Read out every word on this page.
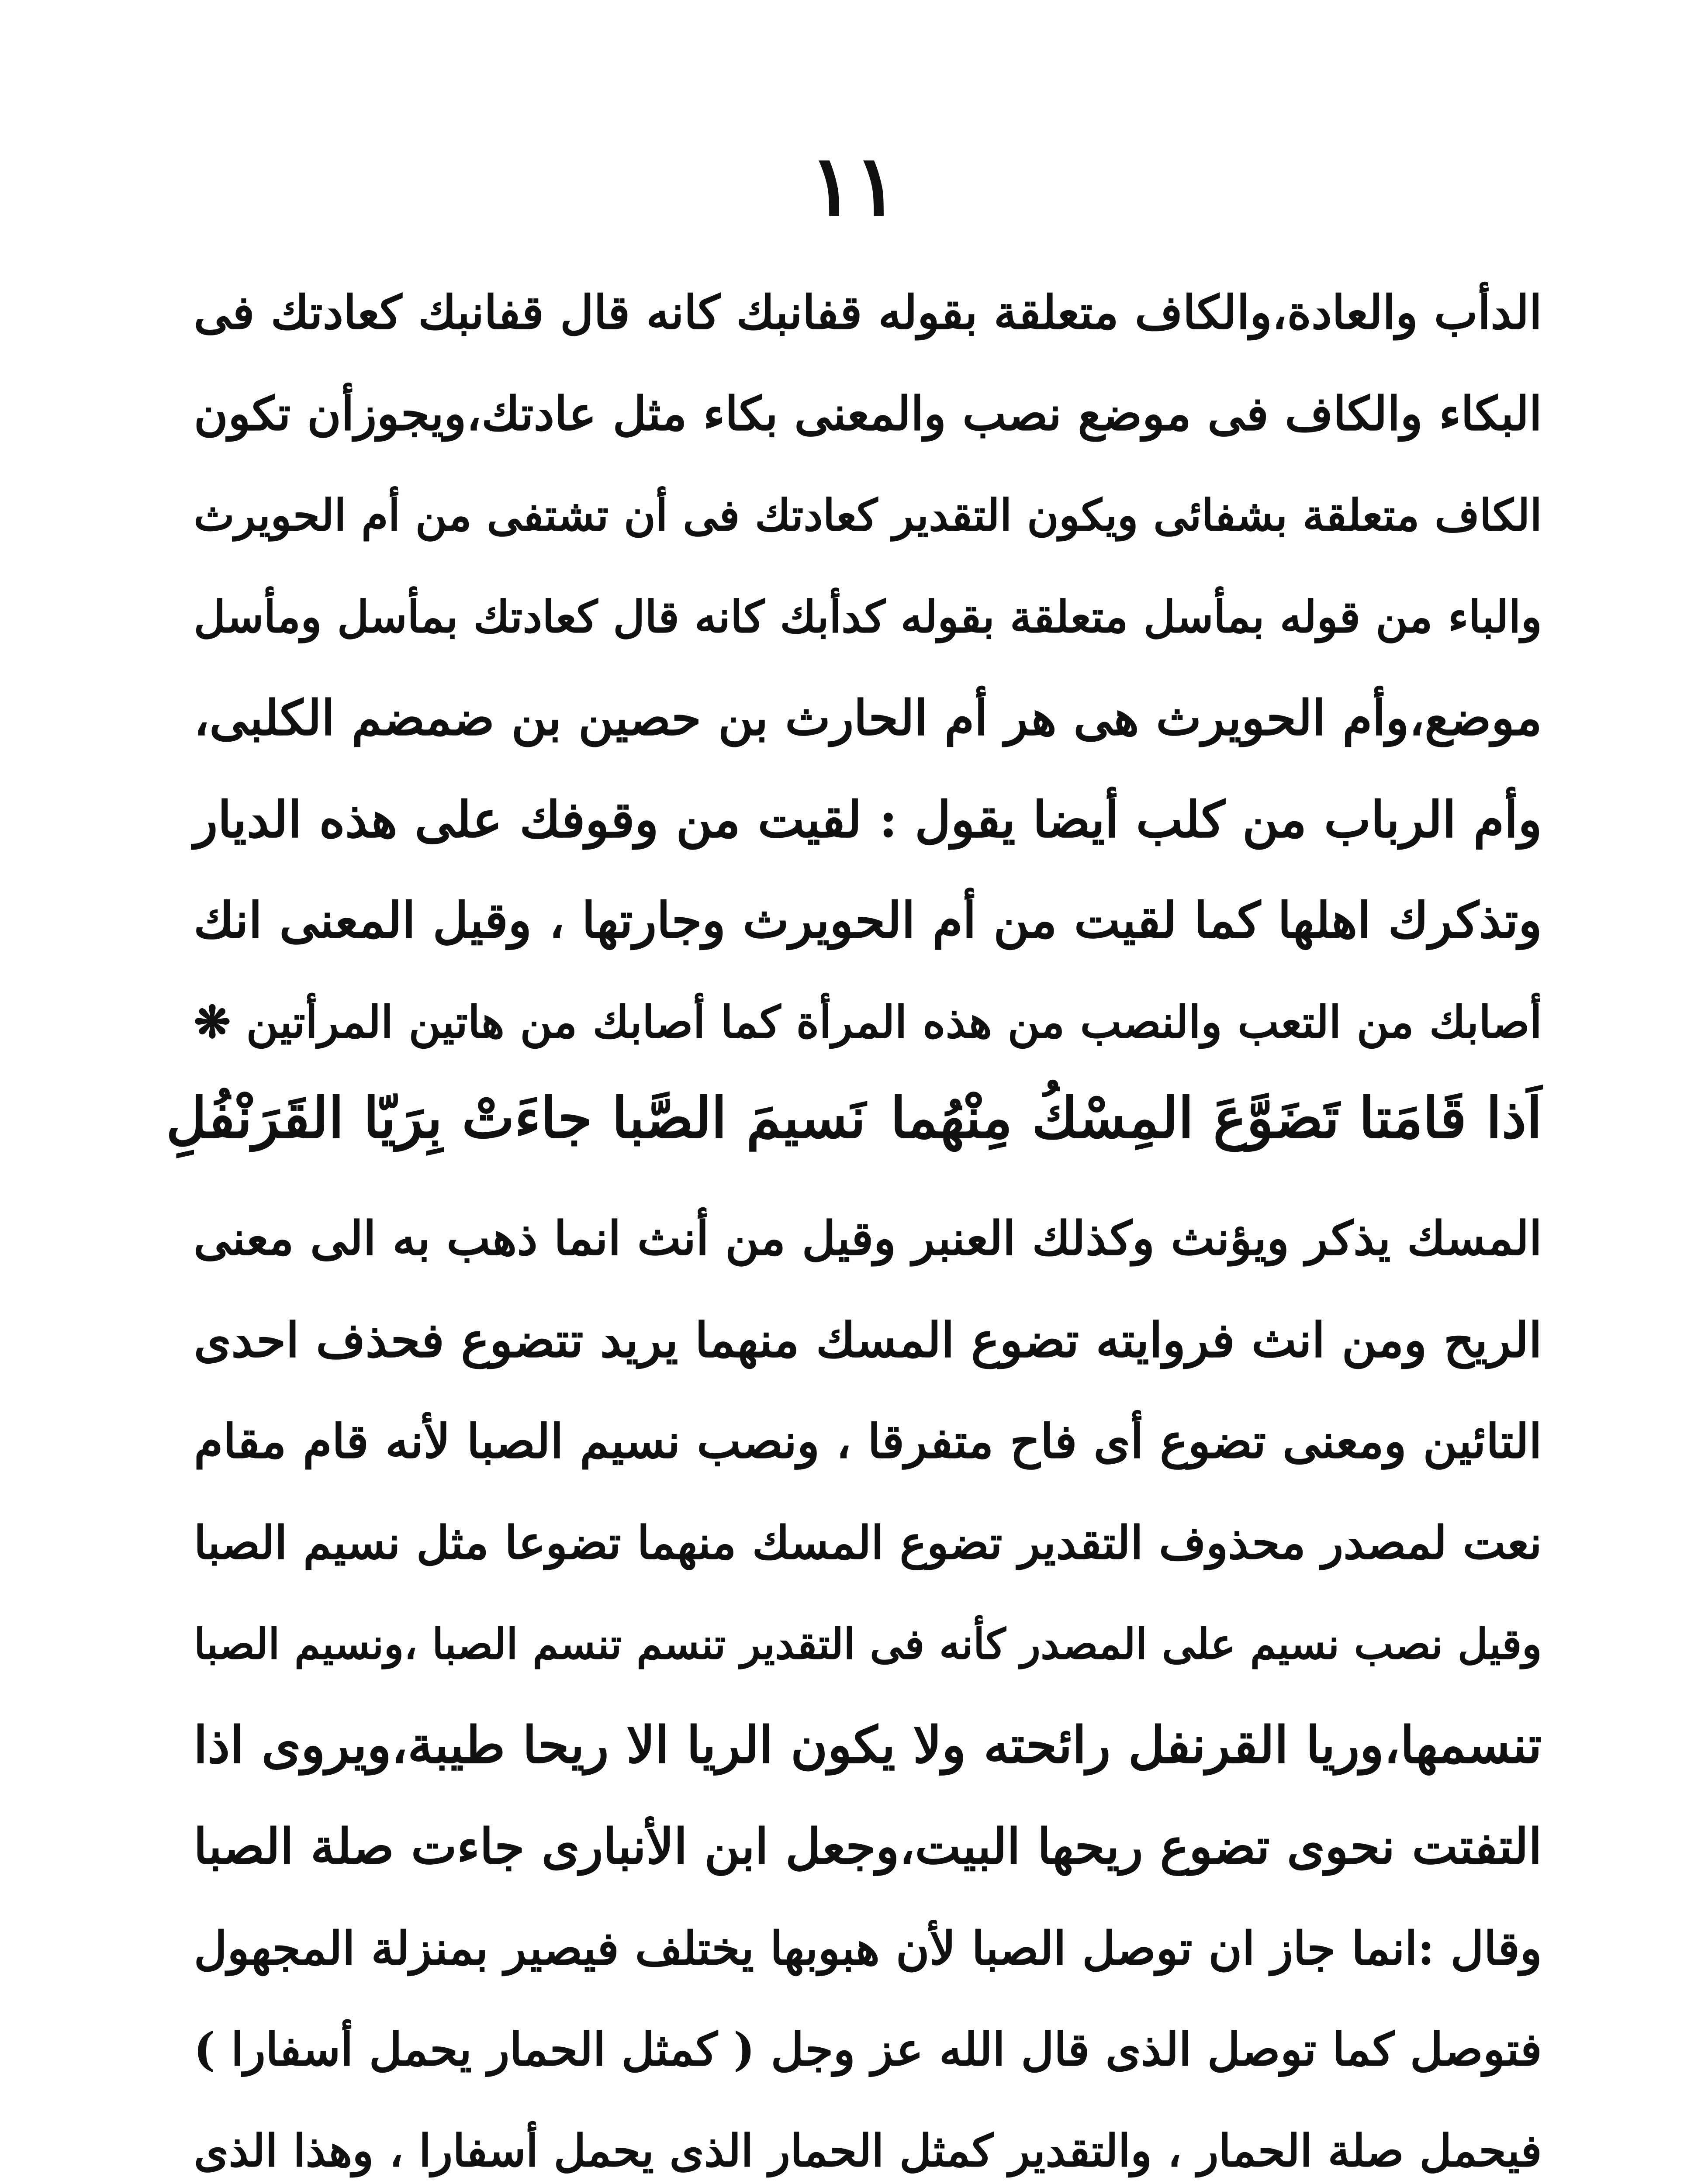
١١
الدأب والعادة،والكاف متعلقة بقوله قفانبك كانه قال قفانبك كعادتك فى
البكاء والكاف فى موضع نصب والمعنى بكاء مثل عادتك،ويجوزأن تكون
الكاف متعلقة بشفائى ويكون التقدير كعادتك فى أن تشتفى من أم الحويرث
والباء من قوله بمأسل متعلقة بقوله كدأبك كانه قال كعادتك بمأسل ومأسل
موضع،وأم الحويرث هى هر أم الحارث بن حصين بن ضمضم الكلبى،
وأم الرباب من كلب أيضا يقول : لقيت من وقوفك على هذه الديار
وتذكرك اهلها كما لقيت من أم الحويرث وجارتها ، وقيل المعنى انك
أصابك من التعب والنصب من هذه المرأة كما أصابك من هاتين المرأتين ❋
اَذا قَامَتا تَضَوَّعَ المِسْكُ مِنْهُما
نَسيمَ الصَّبا جاءَتْ بِرَيّا القَرَنْفُلِ
المسك يذكر ويؤنث وكذلك العنبر وقيل من أنث انما ذهب به الى معنى
الريح ومن انث فروايته تضوع المسك منهما يريد تتضوع فحذف احدى
التائين ومعنى تضوع أى فاح متفرقا ، ونصب نسيم الصبا لأنه قام مقام
نعت لمصدر محذوف التقدير تضوع المسك منهما تضوعا مثل نسيم الصبا
وقيل نصب نسيم على المصدر كأنه فى التقدير تنسم تنسم الصبا ،ونسيم الصبا
تنسمها،وريا القرنفل رائحته ولا يكون الريا الا ريحا طيبة،ويروى اذا
التفتت نحوى تضوع ريحها البيت،وجعل ابن الأنبارى جاءت صلة الصبا
وقال :انما جاز ان توصل الصبا لأن هبوبها يختلف فيصير بمنزلة المجهول
فتوصل كما توصل الذى قال الله عز وجل ( كمثل الحمار يحمل أسفارا )
فيحمل صلة الحمار ، والتقدير كمثل الحمار الذى يحمل أسفارا ، وهذا الذى
